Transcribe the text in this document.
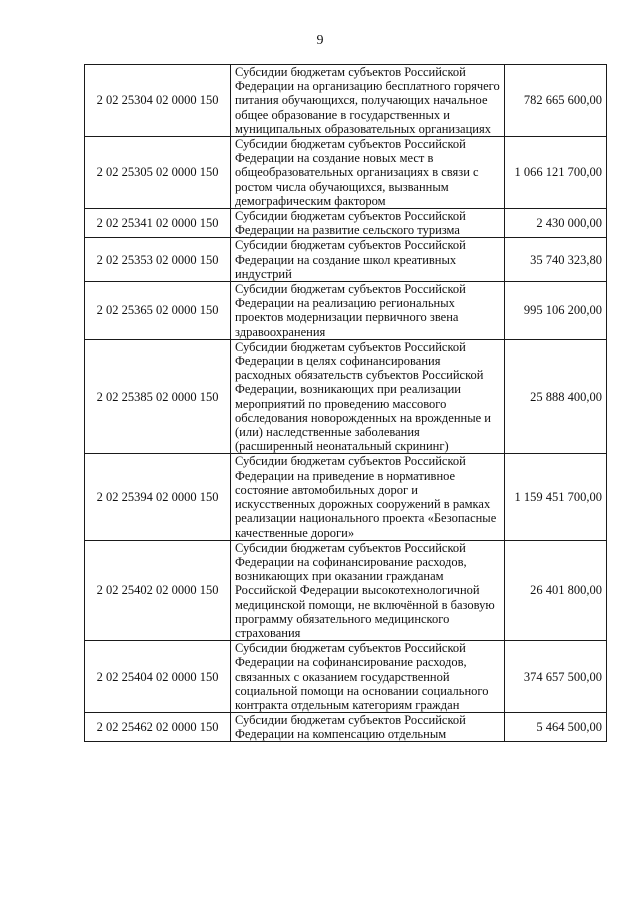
9
2 02 25304 02 0000 150	Субсидии бюджетам субъектов Российской Федерации на организацию бесплатного горячего питания обучающихся, получающих начальное общее образование в государственных и муниципальных образовательных организациях	782 665 600,00
2 02 25305 02 0000 150	Субсидии бюджетам субъектов Российской Федерации на создание новых мест в общеобразовательных организациях в связи с ростом числа обучающихся, вызванным демографическим фактором	1 066 121 700,00
2 02 25341 02 0000 150	Субсидии бюджетам субъектов Российской Федерации на развитие сельского туризма	2 430 000,00
2 02 25353 02 0000 150	Субсидии бюджетам субъектов Российской Федерации на создание школ креативных индустрий	35 740 323,80
2 02 25365 02 0000 150	Субсидии бюджетам субъектов Российской Федерации на реализацию региональных проектов модернизации первичного звена здравоохранения	995 106 200,00
2 02 25385 02 0000 150	Субсидии бюджетам субъектов Российской Федерации в целях софинансирования расходных обязательств субъектов Российской Федерации, возникающих при реализации мероприятий по проведению массового обследования новорожденных на врожденные и (или) наследственные заболевания (расширенный неонатальный скрининг)	25 888 400,00
2 02 25394 02 0000 150	Субсидии бюджетам субъектов Российской Федерации на приведение в нормативное состояние автомобильных дорог и искусственных дорожных сооружений в рамках реализации национального проекта «Безопасные качественные дороги»	1 159 451 700,00
2 02 25402 02 0000 150	Субсидии бюджетам субъектов Российской Федерации на софинансирование расходов, возникающих при оказании гражданам Российской Федерации высокотехнологичной медицинской помощи, не включённой в базовую программу обязательного медицинского страхования	26 401 800,00
2 02 25404 02 0000 150	Субсидии бюджетам субъектов Российской Федерации на софинансирование расходов, связанных с оказанием государственной социальной помощи на основании социального контракта отдельным категориям граждан	374 657 500,00
2 02 25462 02 0000 150	Субсидии бюджетам субъектов Российской Федерации на компенсацию отдельным	5 464 500,00
